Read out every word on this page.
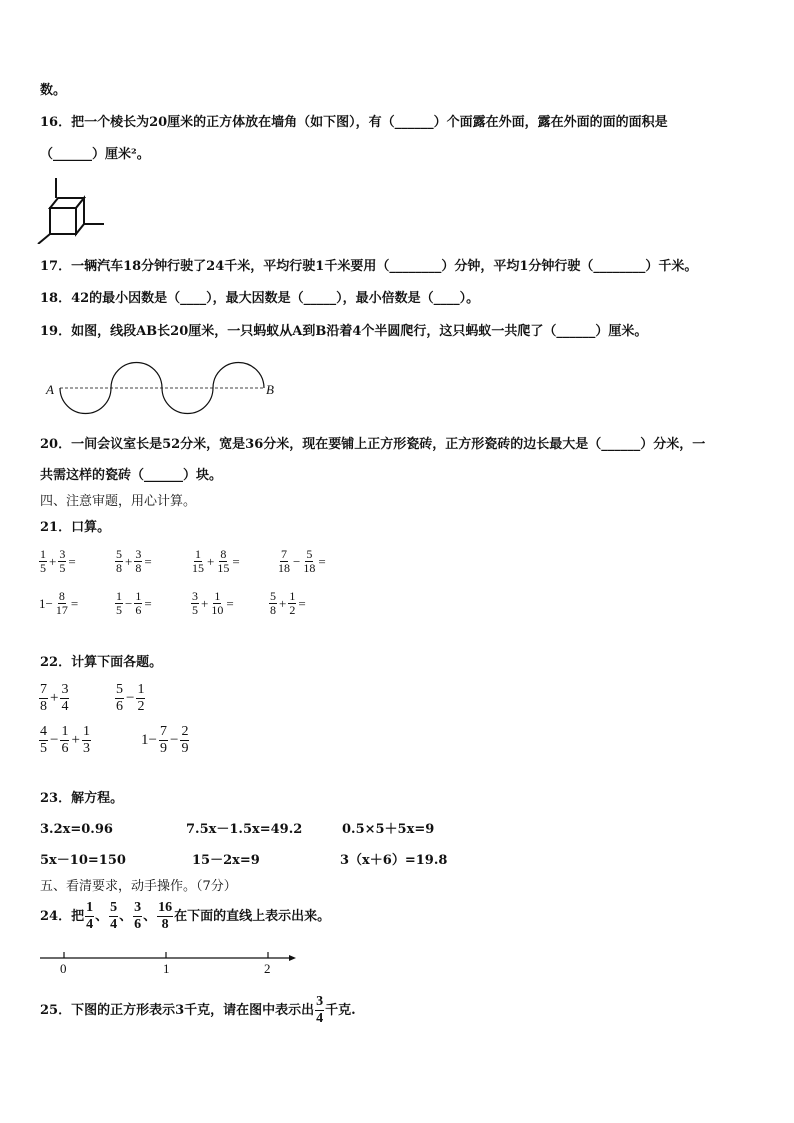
数。
16．把一个棱长为20厘米的正方体放在墙角（如下图），有（______）个面露在外面，露在外面的面的面积是
（______）厘米²。
17．一辆汽车18分钟行驶了24千米，平均行驶1千米要用（________）分钟，平均1分钟行驶（________）千米。
18．42的最小因数是（____），最大因数是（_____），最小倍数是（____）。
19．如图，线段AB长20厘米，一只蚂蚁从A到B沿着4个半圆爬行，这只蚂蚁一共爬了（______）厘米。
A	B
20．一间会议室长是52分米，宽是36分米，现在要铺上正方形瓷砖，正方形瓷砖的边长最大是（______）分米，一
共需这样的瓷砖（______）块。
四、注意审题，用心计算。
21．口算。
$\frac{1}{5} + \frac{3}{5}$ =	$\frac{5}{8} + \frac{3}{8}$ =	$\frac{1}{15} + \frac{8}{15}$ =	$\frac{7}{18} - \frac{5}{18}$ =
$1- \frac{8}{17}$ =	$\frac{1}{5} - \frac{1}{6}$ =	$\frac{3}{5} + \frac{1}{10}$ =	$\frac{5}{8} + \frac{1}{2}$ =
22．计算下面各题。
$\frac{7}{8} + \frac{3}{4}$	$\frac{5}{6} - \frac{1}{2}$
$\frac{4}{5} - \frac{1}{6} + \frac{1}{3}$	$1- \frac{7}{9} - \frac{2}{9}$
23．解方程。
3.2x=0.96	7.5x－1.5x=49.2	0.5×5＋5x=9
5x－10=150	15－2x=9	3（x＋6）=19.8
五、看清要求，动手操作。（7分）
24． 把 $\frac{1}{4}$ 、 $\frac{5}{4}$ 、 $\frac{3}{6}$ 、 $\frac{16}{8}$ 在下面的直线上表示出来。
0	1	2
25． 下图的正方形表示3千克，请在图中表示出 $\frac{3}{4}$ 千克.
